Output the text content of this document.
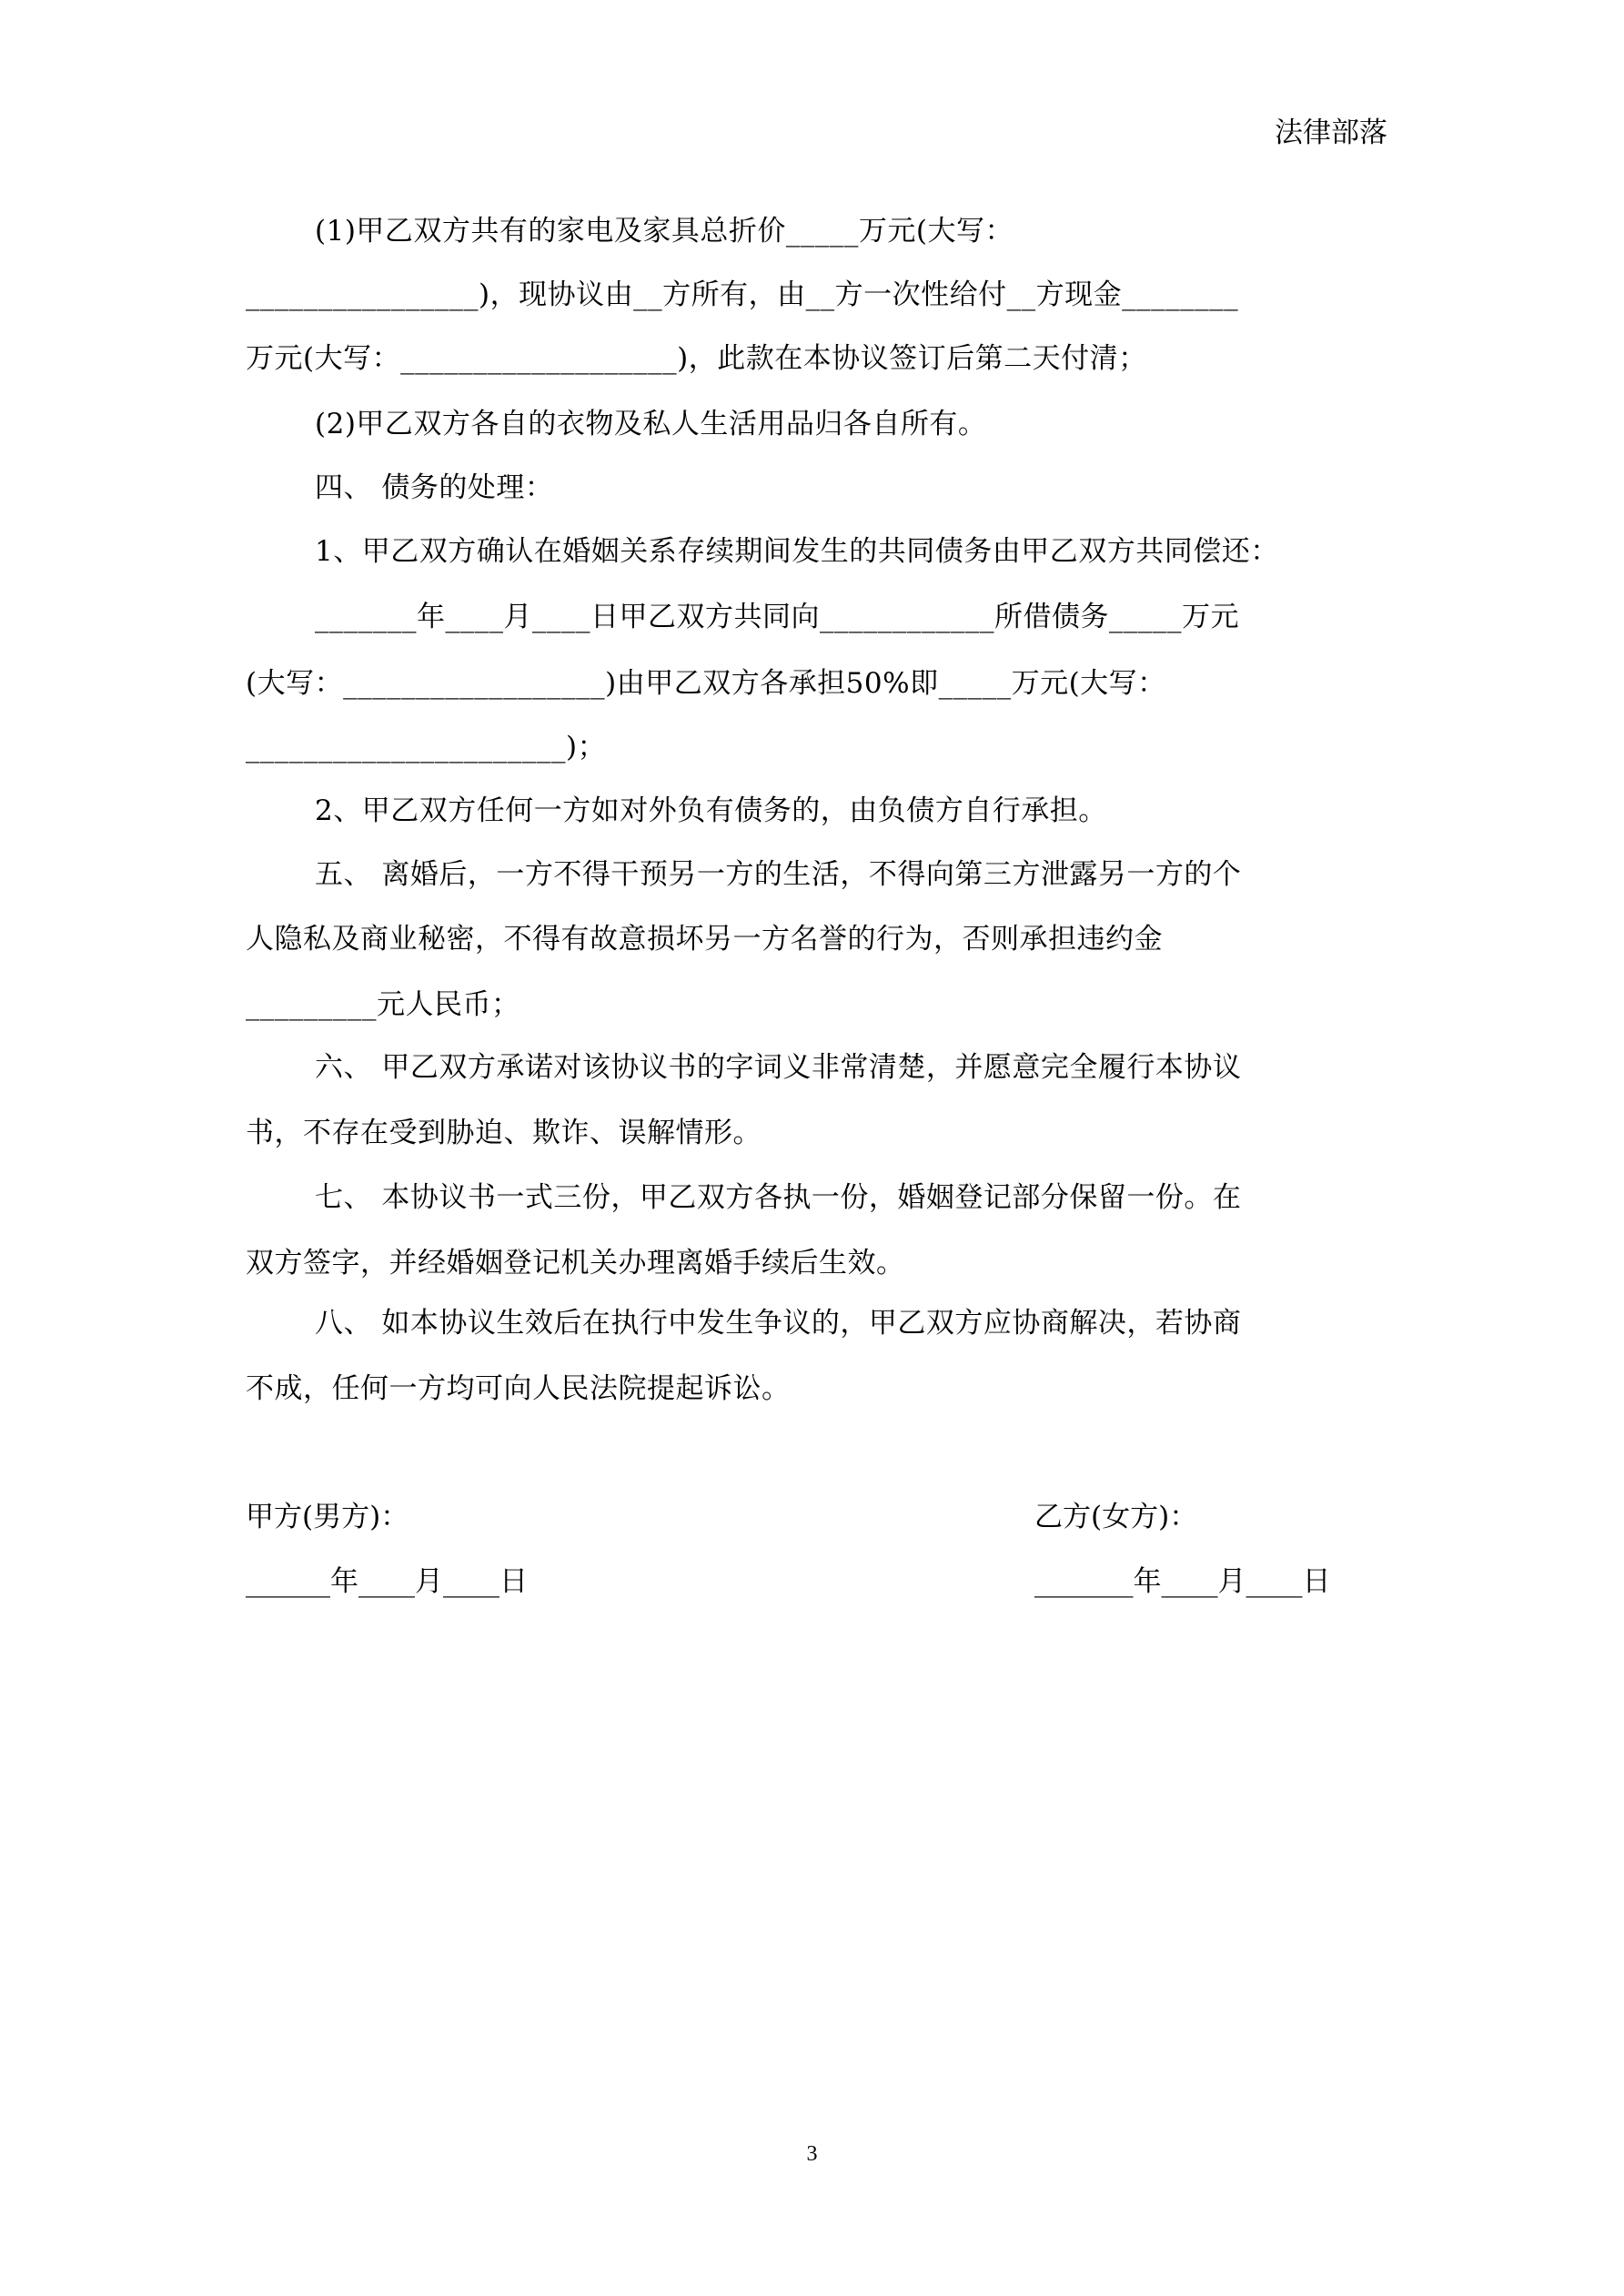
法律部落
(1)甲乙双方共有的家电及家具总折价_____万元(大写：
________________)，现协议由__方所有，由__方一次性给付__方现金________
万元(大写：___________________)，此款在本协议签订后第二天付清；
(2)甲乙双方各自的衣物及私人生活用品归各自所有。
四、 债务的处理：
1、甲乙双方确认在婚姻关系存续期间发生的共同债务由甲乙双方共同偿还：
_______年____月____日甲乙双方共同向____________所借债务_____万元
(大写：__________________)由甲乙双方各承担50%即_____万元(大写：
______________________)；
2、甲乙双方任何一方如对外负有债务的，由负债方自行承担。
五、 离婚后，一方不得干预另一方的生活，不得向第三方泄露另一方的个
人隐私及商业秘密，不得有故意损坏另一方名誉的行为，否则承担违约金
_________元人民币；
六、 甲乙双方承诺对该协议书的字词义非常清楚，并愿意完全履行本协议
书，不存在受到胁迫、欺诈、误解情形。
七、 本协议书一式三份，甲乙双方各执一份，婚姻登记部分保留一份。在
双方签字，并经婚姻登记机关办理离婚手续后生效。
八、 如本协议生效后在执行中发生争议的，甲乙双方应协商解决，若协商
不成，任何一方均可向人民法院提起诉讼。
甲方(男方)：
______年____月____日
乙方(女方)：
_______年____月____日
3
